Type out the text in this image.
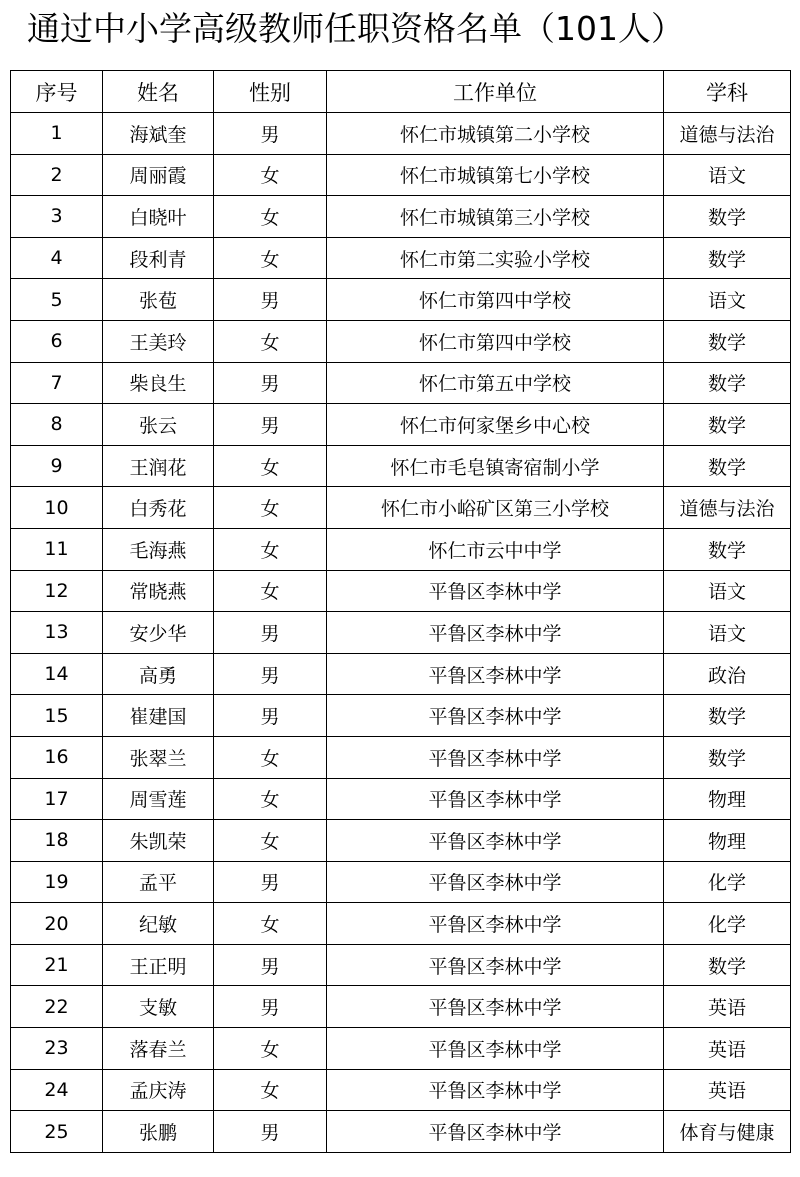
通过中小学高级教师任职资格名单（101人）
序号	姓名	性别	工作单位	学科
1	海斌奎	男	怀仁市城镇第二小学校	道德与法治
2	周丽霞	女	怀仁市城镇第七小学校	语文
3	白晓叶	女	怀仁市城镇第三小学校	数学
4	段利青	女	怀仁市第二实验小学校	数学
5	张苞	男	怀仁市第四中学校	语文
6	王美玲	女	怀仁市第四中学校	数学
7	柴良生	男	怀仁市第五中学校	数学
8	张云	男	怀仁市何家堡乡中心校	数学
9	王润花	女	怀仁市毛皂镇寄宿制小学	数学
10	白秀花	女	怀仁市小峪矿区第三小学校	道德与法治
11	毛海燕	女	怀仁市云中中学	数学
12	常晓燕	女	平鲁区李林中学	语文
13	安少华	男	平鲁区李林中学	语文
14	高勇	男	平鲁区李林中学	政治
15	崔建国	男	平鲁区李林中学	数学
16	张翠兰	女	平鲁区李林中学	数学
17	周雪莲	女	平鲁区李林中学	物理
18	朱凯荣	女	平鲁区李林中学	物理
19	孟平	男	平鲁区李林中学	化学
20	纪敏	女	平鲁区李林中学	化学
21	王正明	男	平鲁区李林中学	数学
22	支敏	男	平鲁区李林中学	英语
23	落春兰	女	平鲁区李林中学	英语
24	孟庆涛	女	平鲁区李林中学	英语
25	张鹏	男	平鲁区李林中学	体育与健康
